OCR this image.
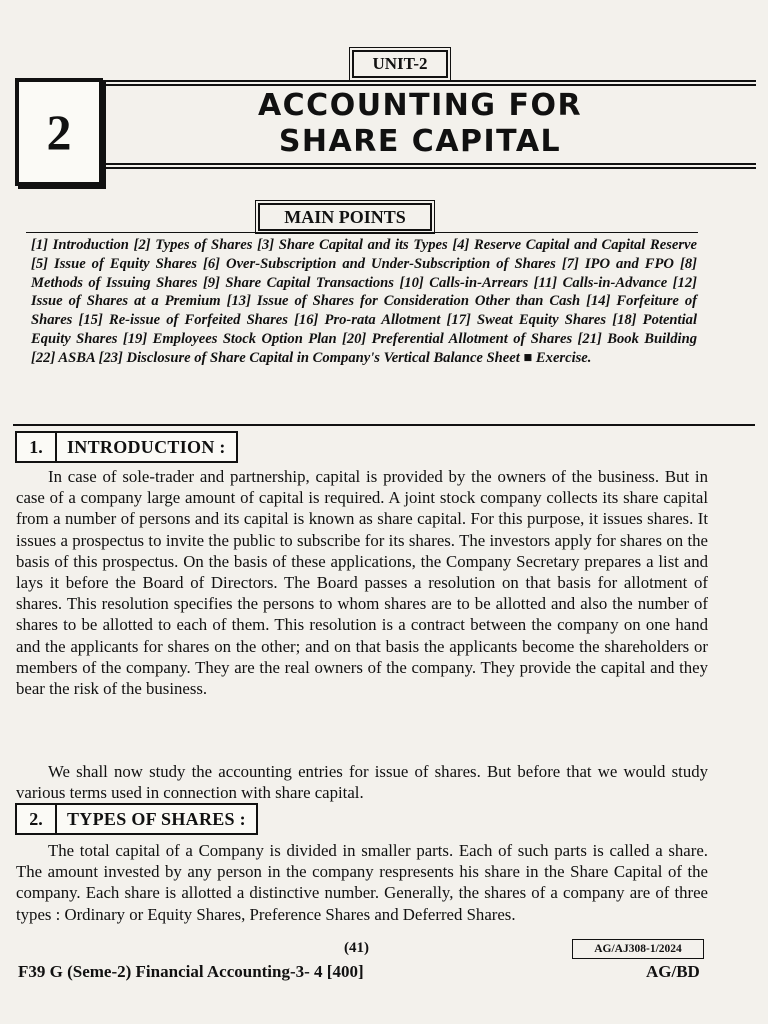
UNIT-2
2	ACCOUNTING FOR
SHARE CAPITAL
MAIN POINTS
[1] Introduction [2] Types of Shares [3] Share Capital and its Types [4] Reserve Capital and Capital Reserve [5] Issue of Equity Shares [6] Over-Subscription and Under-Subscription of Shares [7] IPO and FPO [8] Methods of Issuing Shares [9] Share Capital Transactions [10] Calls-in-Arrears [11] Calls-in-Advance [12] Issue of Shares at a Premium [13] Issue of Shares for Consideration Other than Cash [14] Forfeiture of Shares [15] Re-issue of Forfeited Shares [16] Pro-rata Allotment [17] Sweat Equity Shares [18] Potential Equity Shares [19] Employees Stock Option Plan [20] Preferential Allotment of Shares [21] Book Building [22] ASBA [23] Disclosure of Share Capital in Company's Vertical Balance Sheet ■ Exercise.
1.	INTRODUCTION :
In case of sole-trader and partnership, capital is provided by the owners of the business. But in case of a company large amount of capital is required. A joint stock company collects its share capital from a number of persons and its capital is known as share capital. For this purpose, it issues shares. It issues a prospectus to invite the public to subscribe for its shares. The investors apply for shares on the basis of this prospectus. On the basis of these applications, the Company Secretary prepares a list and lays it before the Board of Directors. The Board passes a resolution on that basis for allotment of shares. This resolution specifies the persons to whom shares are to be allotted and also the number of shares to be allotted to each of them. This resolution is a contract between the company on one hand and the applicants for shares on the other; and on that basis the applicants become the shareholders or members of the company. They are the real owners of the company. They provide the capital and they bear the risk of the business.
We shall now study the accounting entries for issue of shares. But before that we would study various terms used in connection with share capital.
2.	TYPES OF SHARES :
The total capital of a Company is divided in smaller parts. Each of such parts is called a share. The amount invested by any person in the company respresents his share in the Share Capital of the company. Each share is allotted a distinctive number. Generally, the shares of a company are of three types : Ordinary or Equity Shares, Preference Shares and Deferred Shares.
(41)	AG/AJ308-1/2024
F39 G (Seme-2) Financial Accounting-3- 4 [400]	AG/BD
